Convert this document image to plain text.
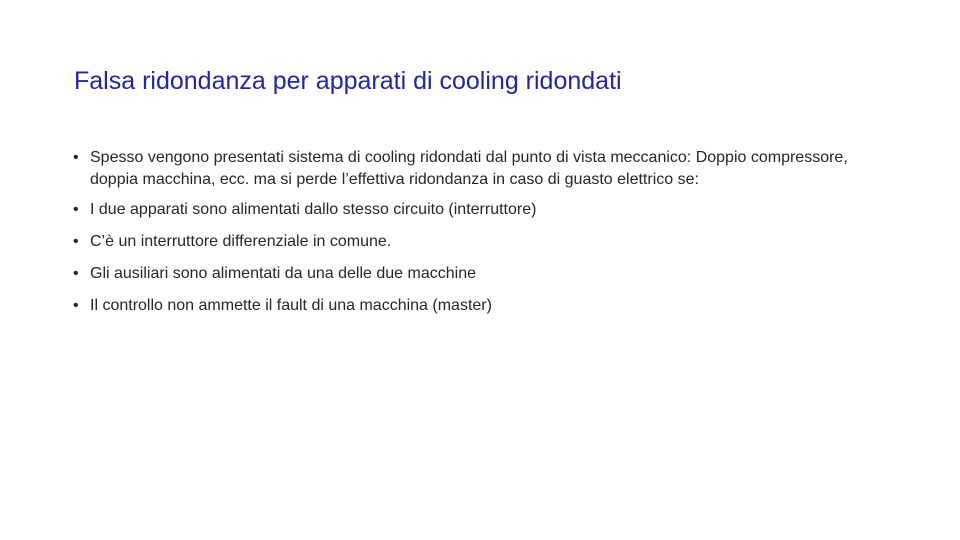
Falsa ridondanza per apparati di cooling ridondati
• Spesso vengono presentati sistema di cooling ridondati dal punto di vista meccanico: Doppio compressore, doppia macchina, ecc. ma si perde l’effettiva ridondanza in caso di guasto elettrico se:
• I due apparati sono alimentati dallo stesso circuito (interruttore)
• C’è un interruttore differenziale in comune.
• Gli ausiliari sono alimentati da una delle due macchine
• Il controllo non ammette il fault di una macchina (master)
